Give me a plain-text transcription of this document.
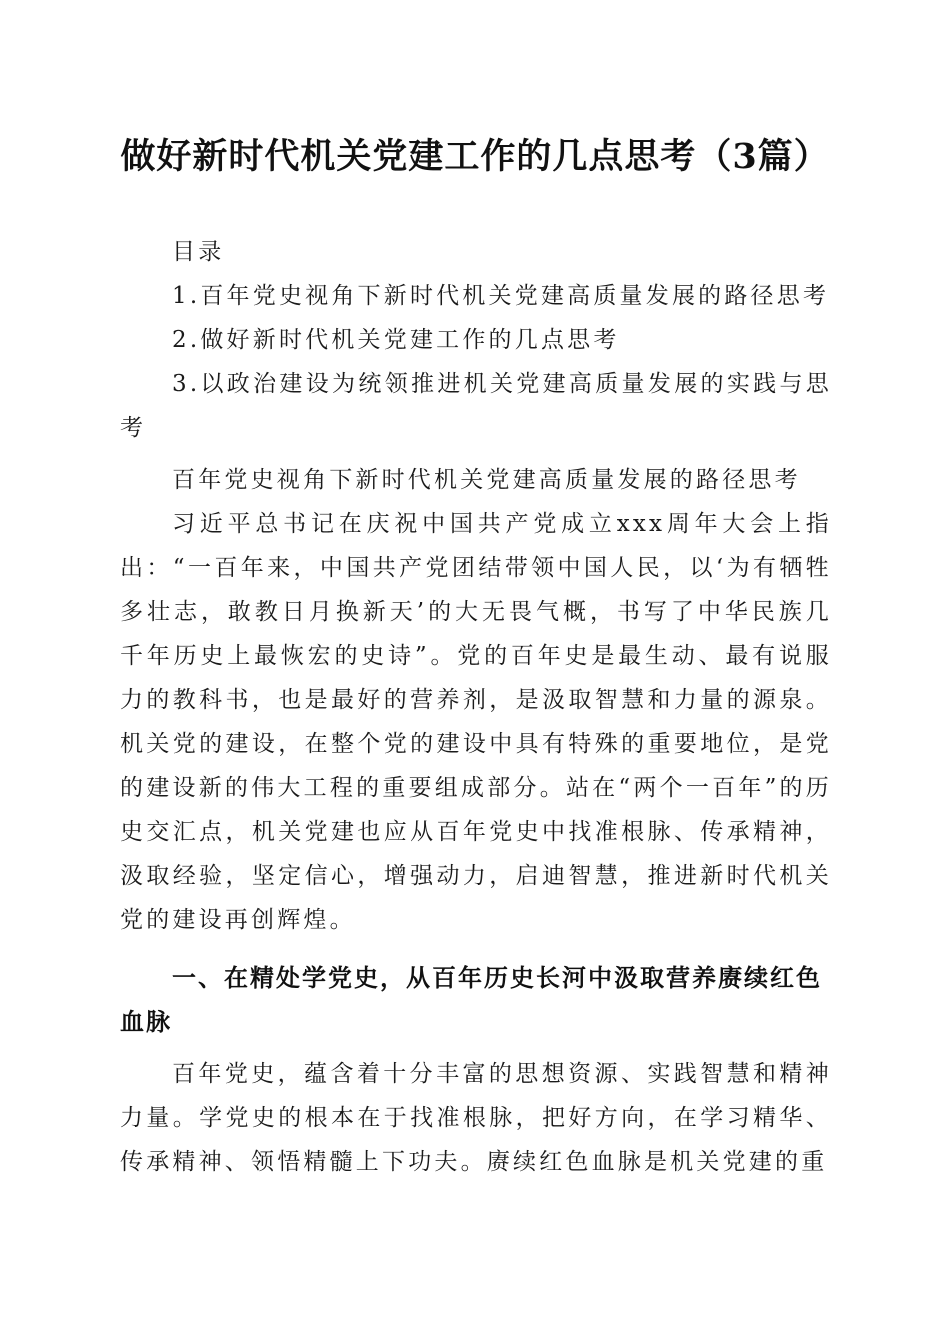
做好新时代机关党建工作的几点思考（3篇）

目录

1.百年党史视角下新时代机关党建高质量发展的路径思考

2.做好新时代机关党建工作的几点思考

3.以政治建设为统领推进机关党建高质量发展的实践与思考

百年党史视角下新时代机关党建高质量发展的路径思考

习近平总书记在庆祝中国共产党成立xxx周年大会上指出：“一百年来，中国共产党团结带领中国人民，以‘为有牺牲多壮志，敢教日月换新天’的大无畏气概，书写了中华民族几千年历史上最恢宏的史诗”。党的百年史是最生动、最有说服力的教科书，也是最好的营养剂，是汲取智慧和力量的源泉。机关党的建设，在整个党的建设中具有特殊的重要地位，是党的建设新的伟大工程的重要组成部分。站在“两个一百年”的历史交汇点，机关党建也应从百年党史中找准根脉、传承精神，汲取经验，坚定信心，增强动力，启迪智慧，推进新时代机关党的建设再创辉煌。

一、在精处学党史，从百年历史长河中汲取营养赓续红色血脉

百年党史，蕴含着十分丰富的思想资源、实践智慧和精神力量。学党史的根本在于找准根脉，把好方向，在学习精华、传承精神、领悟精髓上下功夫。赓续红色血脉是机关党建的重
